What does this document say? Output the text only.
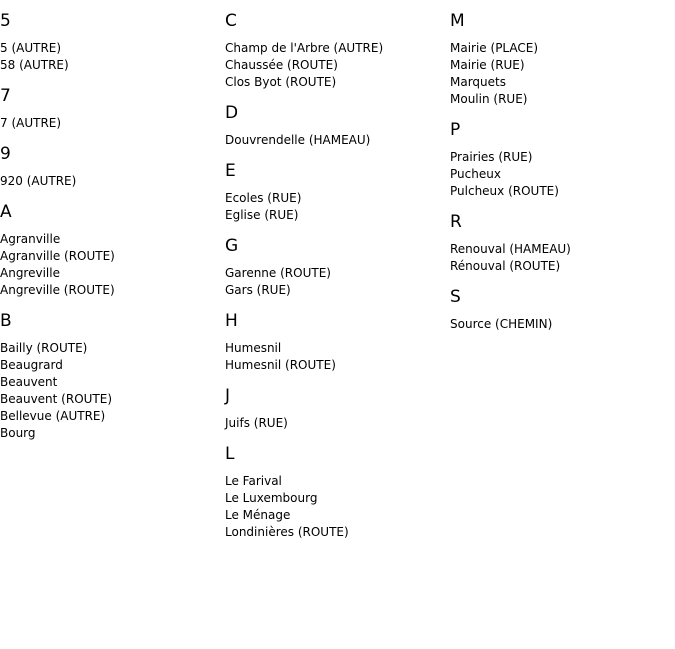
5
5 (AUTRE)
58 (AUTRE)
7
7 (AUTRE)
9
920 (AUTRE)
A
Agranville
Agranville (ROUTE)
Angreville
Angreville (ROUTE)
B
Bailly (ROUTE)
Beaugrard
Beauvent
Beauvent (ROUTE)
Bellevue (AUTRE)
Bourg
C
Champ de l'Arbre (AUTRE)
Chaussée (ROUTE)
Clos Byot (ROUTE)
D
Douvrendelle (HAMEAU)
E
Ecoles (RUE)
Eglise (RUE)
G
Garenne (ROUTE)
Gars (RUE)
H
Humesnil
Humesnil (ROUTE)
J
Juifs (RUE)
L
Le Farival
Le Luxembourg
Le Ménage
Londinières (ROUTE)
M
Mairie (PLACE)
Mairie (RUE)
Marquets
Moulin (RUE)
P
Prairies (RUE)
Pucheux
Pulcheux (ROUTE)
R
Renouval (HAMEAU)
Rénouval (ROUTE)
S
Source (CHEMIN)
